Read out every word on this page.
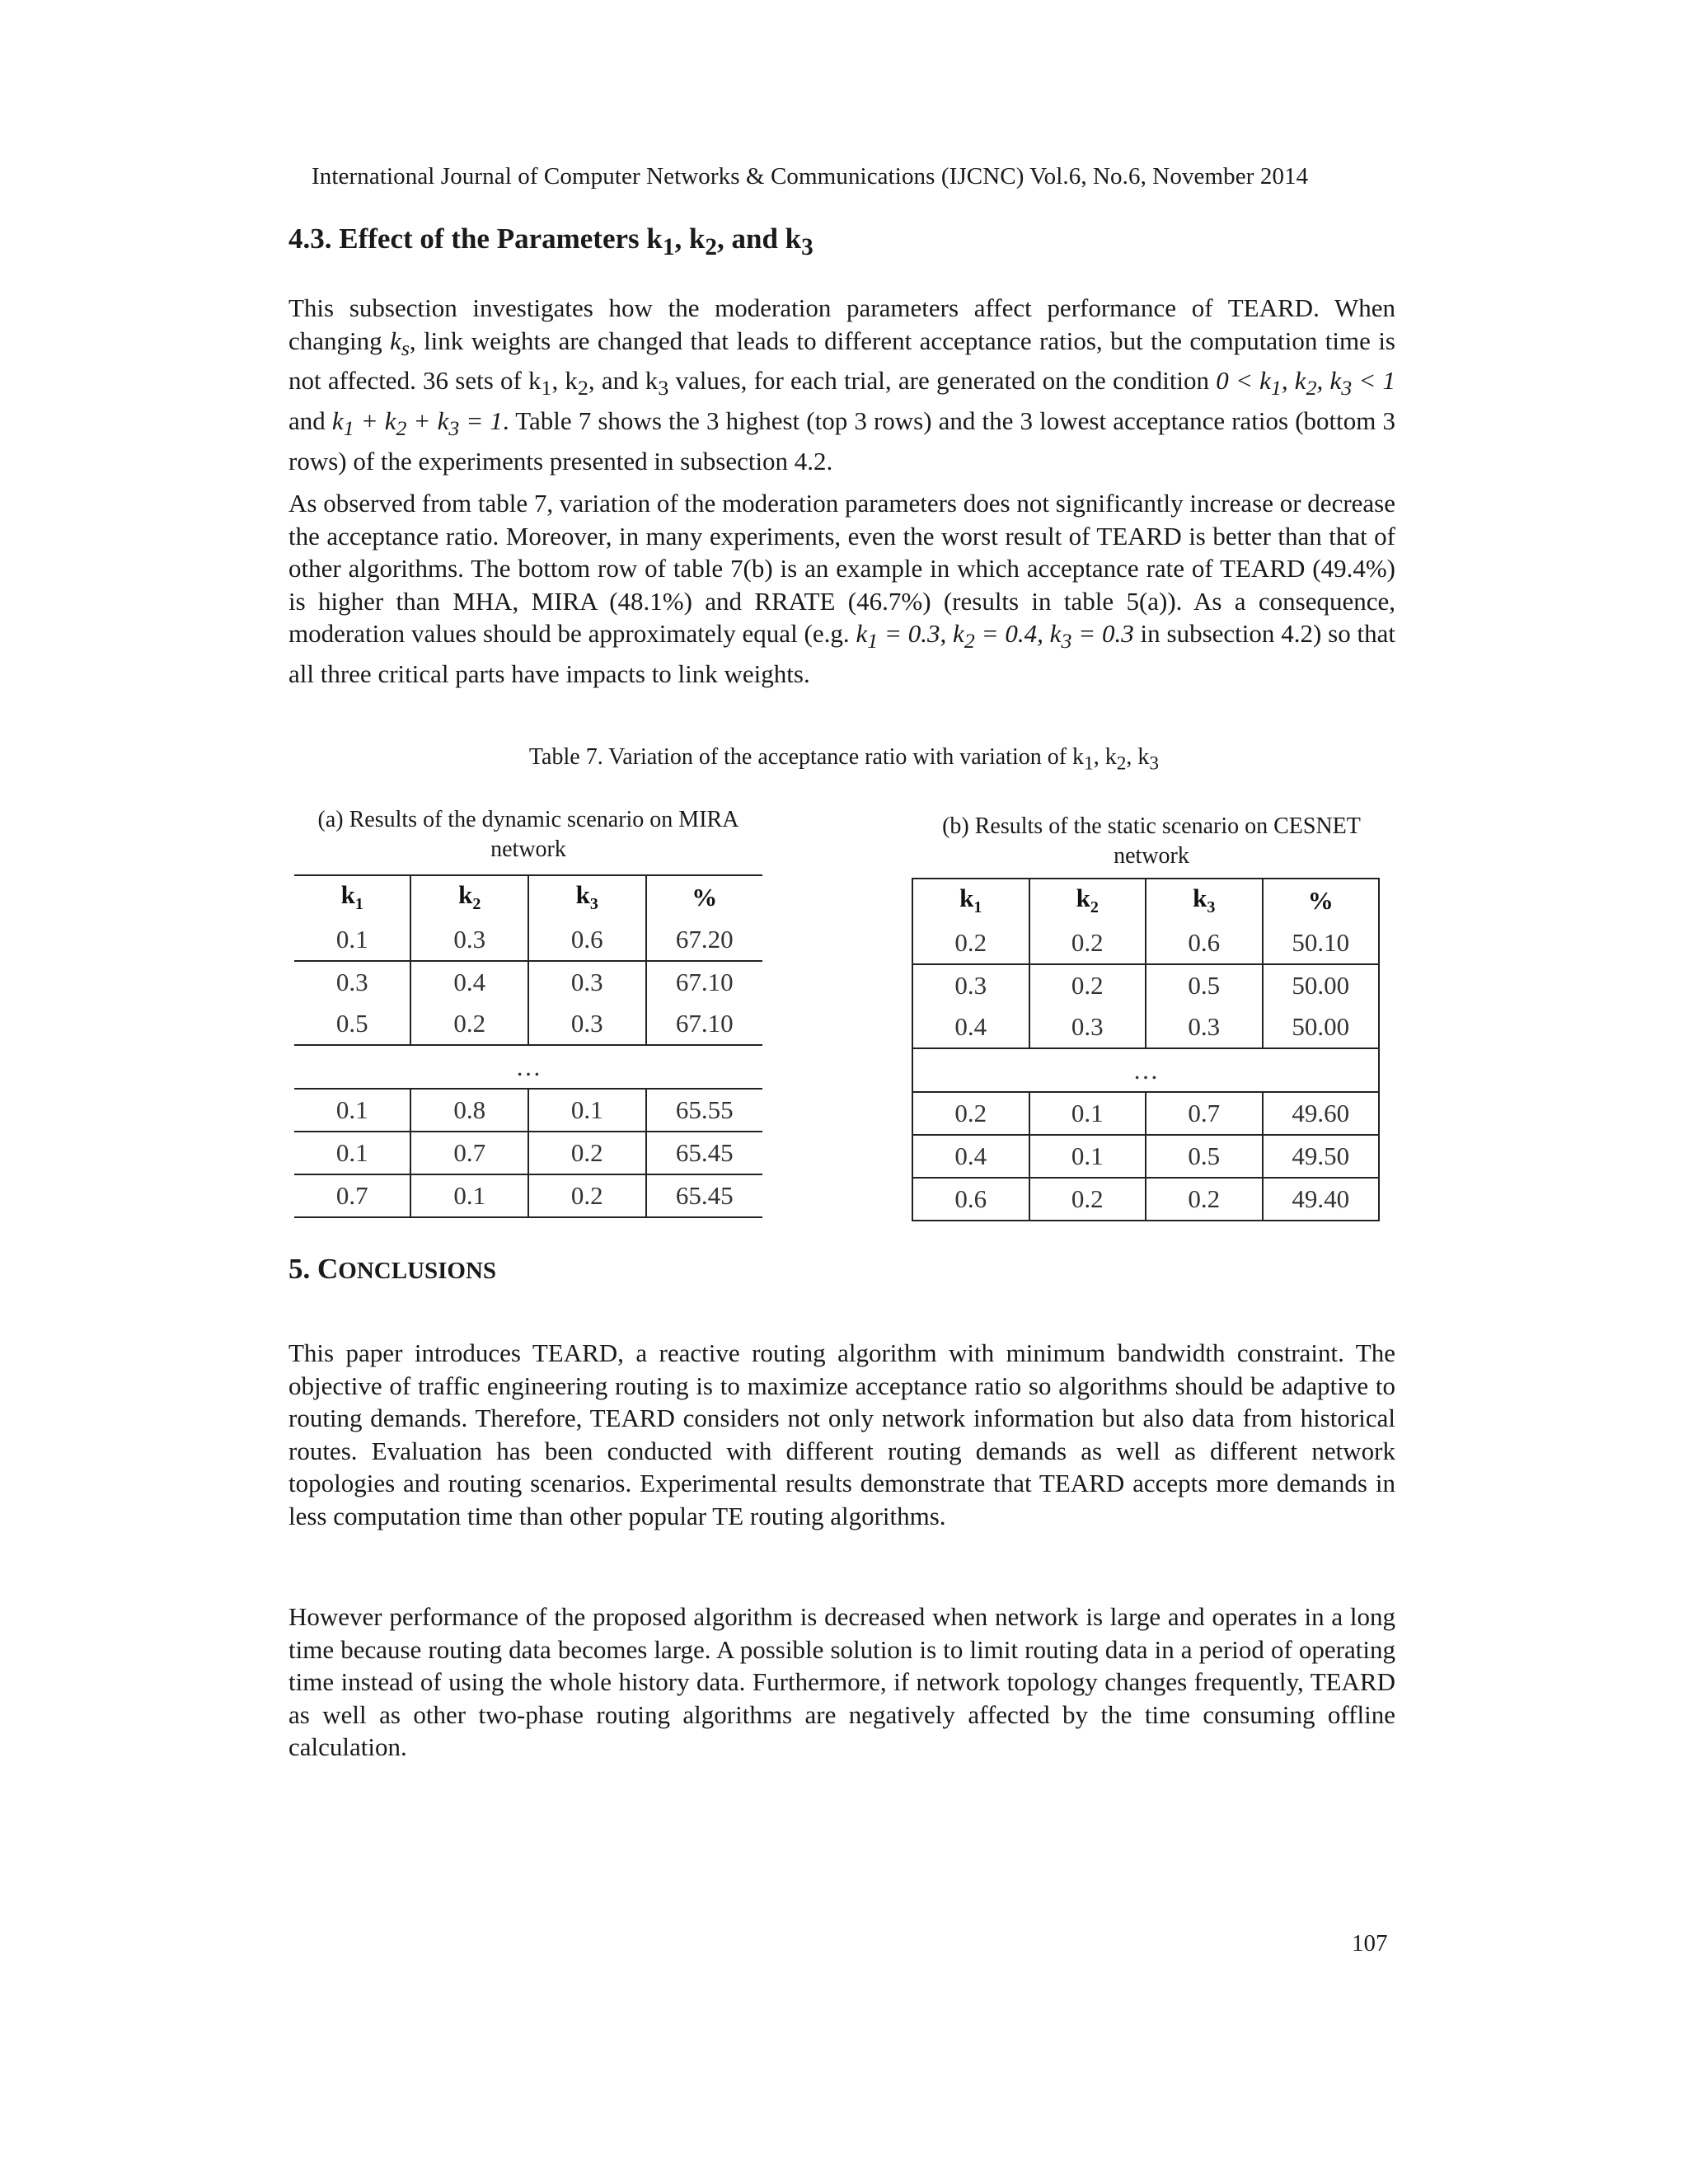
International Journal of Computer Networks & Communications (IJCNC) Vol.6, No.6, November 2014
4.3. Effect of the Parameters $k_1$, $k_2$, and $k_3$
This subsection investigates how the moderation parameters affect performance of TEARD. When changing $k_s$, link weights are changed that leads to different acceptance ratios, but the computation time is not affected. 36 sets of $k_1$, $k_2$, and $k_3$ values, for each trial, are generated on the condition $0 < k_1$, $k_2$, $k_3 < 1$ and $k_1 + k_2 + k_3 = 1$. Table 7 shows the 3 highest (top 3 rows) and the 3 lowest acceptance ratios (bottom 3 rows) of the experiments presented in subsection 4.2.
As observed from table 7, variation of the moderation parameters does not significantly increase or decrease the acceptance ratio. Moreover, in many experiments, even the worst result of TEARD is better than that of other algorithms. The bottom row of table 7(b) is an example in which acceptance rate of TEARD (49.4%) is higher than MHA, MIRA (48.1%) and RRATE (46.7%) (results in table 5(a)). As a consequence, moderation values should be approximately equal (e.g. $k_1 = 0.3$, $k_2 = 0.4$, $k_3 = 0.3$ in subsection 4.2) so that all three critical parts have impacts to link weights.
Table 7. Variation of the acceptance ratio with variation of $k_1$, $k_2$, $k_3$
(a) Results of the dynamic scenario on MIRA network
(b) Results of the static scenario on CESNET network
$k_1$	$k_2$	$k_3$	%
0.1	0.3	0.6	67.20
0.3	0.4	0.3	67.10
0.5	0.2	0.3	67.10
…			
0.1	0.8	0.1	65.55
0.1	0.7	0.2	65.45
0.7	0.1	0.2	65.45
$k_1$	$k_2$	$k_3$	%
0.2	0.2	0.6	50.10
0.3	0.2	0.5	50.00
0.4	0.3	0.3	50.00
…			
0.2	0.1	0.7	49.60
0.4	0.1	0.5	49.50
0.6	0.2	0.2	49.40
5. CONCLUSIONS
This paper introduces TEARD, a reactive routing algorithm with minimum bandwidth constraint. The objective of traffic engineering routing is to maximize acceptance ratio so algorithms should be adaptive to routing demands. Therefore, TEARD considers not only network information but also data from historical routes. Evaluation has been conducted with different routing demands as well as different network topologies and routing scenarios. Experimental results demonstrate that TEARD accepts more demands in less computation time than other popular TE routing algorithms.
However performance of the proposed algorithm is decreased when network is large and operates in a long time because routing data becomes large. A possible solution is to limit routing data in a period of operating time instead of using the whole history data. Furthermore, if network topology changes frequently, TEARD as well as other two-phase routing algorithms are negatively affected by the time consuming offline calculation.
107
